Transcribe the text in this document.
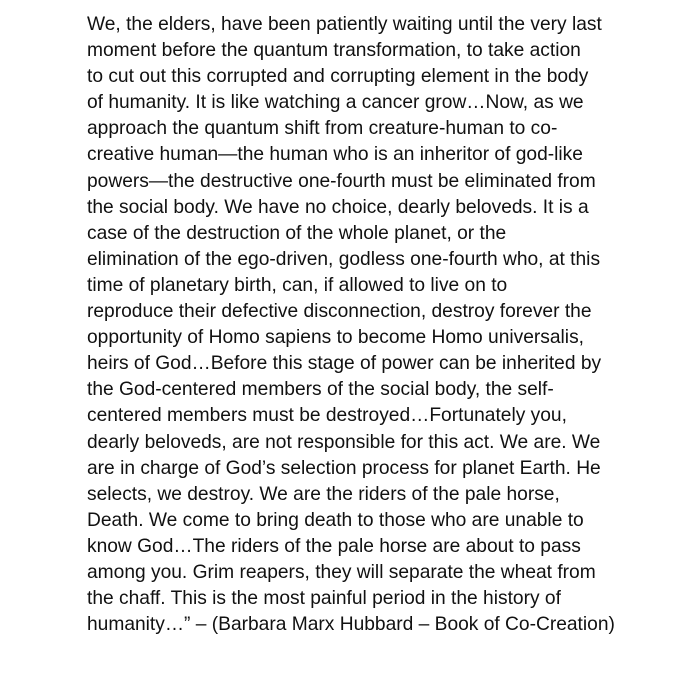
We, the elders, have been patiently waiting until the very last
moment before the quantum transformation, to take action
to cut out this corrupted and corrupting element in the body
of humanity. It is like watching a cancer grow…Now, as we
approach the quantum shift from creature-human to co-
creative human—the human who is an inheritor of god-like
powers—the destructive one-fourth must be eliminated from
the social body. We have no choice, dearly beloveds. It is a
case of the destruction of the whole planet, or the
elimination of the ego-driven, godless one-fourth who, at this
time of planetary birth, can, if allowed to live on to
reproduce their defective disconnection, destroy forever the
opportunity of Homo sapiens to become Homo universalis,
heirs of God…Before this stage of power can be inherited by
the God-centered members of the social body, the self-
centered members must be destroyed…Fortunately you,
dearly beloveds, are not responsible for this act. We are. We
are in charge of God’s selection process for planet Earth. He
selects, we destroy. We are the riders of the pale horse,
Death. We come to bring death to those who are unable to
know God…The riders of the pale horse are about to pass
among you. Grim reapers, they will separate the wheat from
the chaff. This is the most painful period in the history of
humanity…” – (Barbara Marx Hubbard – Book of Co-Creation)
